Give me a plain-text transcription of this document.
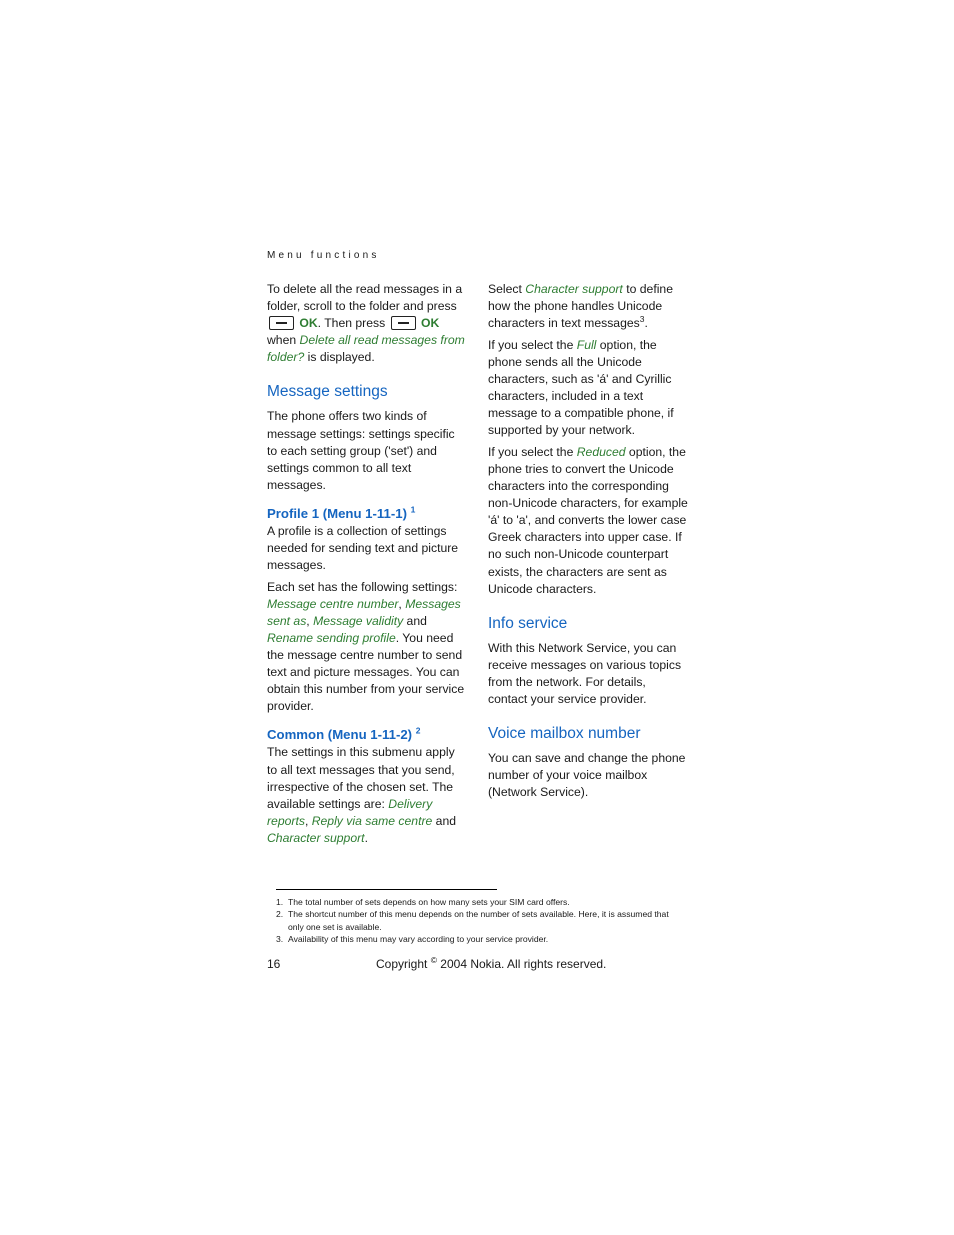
Menu functions

To delete all the read messages in a folder, scroll to the folder and press  OK. Then press	OK when Delete all read messages from folder? is displayed.

Message settings

The phone offers two kinds of message settings: settings specific to each setting group ('set') and settings common to all text messages.

Profile 1 (Menu 1-11-1) $^1$

A profile is a collection of settings needed for sending text and picture messages.

Each set has the following settings: Message centre number, Messages sent as, Message validity and Rename sending profile. You need the message centre number to send text and picture messages. You can obtain this number from your service provider.

Common (Menu 1-11-2) $^2$

The settings in this submenu apply to all text messages that you send, irrespective of the chosen set. The available settings are: Delivery reports, Reply via same centre and Character support.

Select Character support to define how the phone handles Unicode characters in text messages$^3$.

If you select the Full option, the phone sends all the Unicode characters, such as 'á' and Cyrillic characters, included in a text message to a compatible phone, if supported by your network.

If you select the Reduced option, the phone tries to convert the Unicode characters into the corresponding non-Unicode characters, for example 'á' to 'a', and converts the lower case Greek characters into upper case. If no such non-Unicode counterpart exists, the characters are sent as Unicode characters.

Info service

With this Network Service, you can receive messages on various topics from the network. For details, contact your service provider.

Voice mailbox number

You can save and change the phone number of your voice mailbox (Network Service).

1. The total number of sets depends on how many sets your SIM card offers.
2. The shortcut number of this menu depends on the number of sets available. Here, it is assumed that only one set is available.
3. Availability of this menu may vary according to your service provider.
16	Copyright © 2004 Nokia. All rights reserved.
